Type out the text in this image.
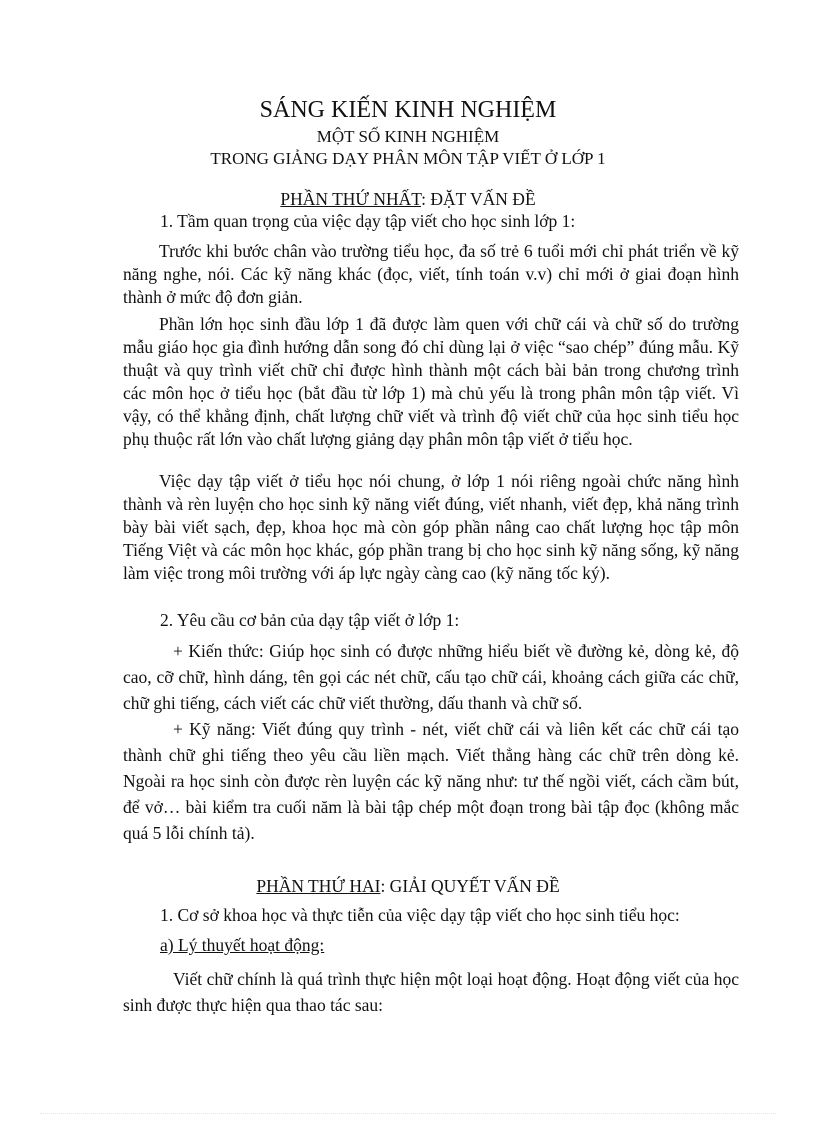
SÁNG KIẾN KINH NGHIỆM
MỘT SỐ KINH NGHIỆM
TRONG GIẢNG DẠY PHÂN MÔN TẬP VIẾT Ở LỚP 1
PHẦN THỨ NHẤT: ĐẶT VẤN ĐỀ
1. Tầm quan trọng của việc dạy tập viết cho học sinh lớp 1:
Trước khi bước chân vào trường tiểu học, đa số trẻ 6 tuổi mới chỉ phát triển về kỹ năng nghe, nói. Các kỹ năng khác (đọc, viết, tính toán v.v) chỉ mới ở giai đoạn hình thành ở mức độ đơn giản.
Phần lớn học sinh đầu lớp 1 đã được làm quen với chữ cái và chữ số do trường mẫu giáo học gia đình hướng dẫn song đó chỉ dùng lại ở việc “sao chép” đúng mẫu. Kỹ thuật và quy trình viết chữ chỉ được hình thành một cách bài bản trong chương trình các môn học ở tiểu học (bắt đầu từ lớp 1) mà chủ yếu là trong phân môn tập viết. Vì vậy, có thể khẳng định, chất lượng chữ viết và trình độ viết chữ của học sinh tiểu học phụ thuộc rất lớn vào chất lượng giảng dạy phân môn tập viết ở tiểu học.
Việc dạy tập viết ở tiểu học nói chung, ở lớp 1 nói riêng ngoài chức năng hình thành và rèn luyện cho học sinh kỹ năng viết đúng, viết nhanh, viết đẹp, khả năng trình bày bài viết sạch, đẹp, khoa học mà còn góp phần nâng cao chất lượng học tập môn Tiếng Việt và các môn học khác, góp phần trang bị cho học sinh kỹ năng sống, kỹ năng làm việc trong môi trường với áp lực ngày càng cao (kỹ năng tốc ký).
2. Yêu cầu cơ bản của dạy tập viết ở lớp 1:
+ Kiến thức: Giúp học sinh có được những hiểu biết về đường kẻ, dòng kẻ, độ cao, cỡ chữ, hình dáng, tên gọi các nét chữ, cấu tạo chữ cái, khoảng cách giữa các chữ, chữ ghi tiếng, cách viết các chữ viết thường, dấu thanh và chữ số.
+ Kỹ năng: Viết đúng quy trình - nét, viết chữ cái và liên kết các chữ cái tạo thành chữ ghi tiếng theo yêu cầu liền mạch. Viết thẳng hàng các chữ trên dòng kẻ. Ngoài ra học sinh còn được rèn luyện các kỹ năng như: tư thế ngồi viết, cách cầm bút, để vở… bài kiểm tra cuối năm là bài tập chép một đoạn trong bài tập đọc (không mắc quá 5 lỗi chính tả).
PHẦN THỨ HAI: GIẢI QUYẾT VẤN ĐỀ
1. Cơ sở khoa học và thực tiễn của việc dạy tập viết cho học sinh tiểu học:
a) Lý thuyết hoạt động:
Viết chữ chính là quá trình thực hiện một loại hoạt động. Hoạt động viết của học sinh được thực hiện qua thao tác sau:
